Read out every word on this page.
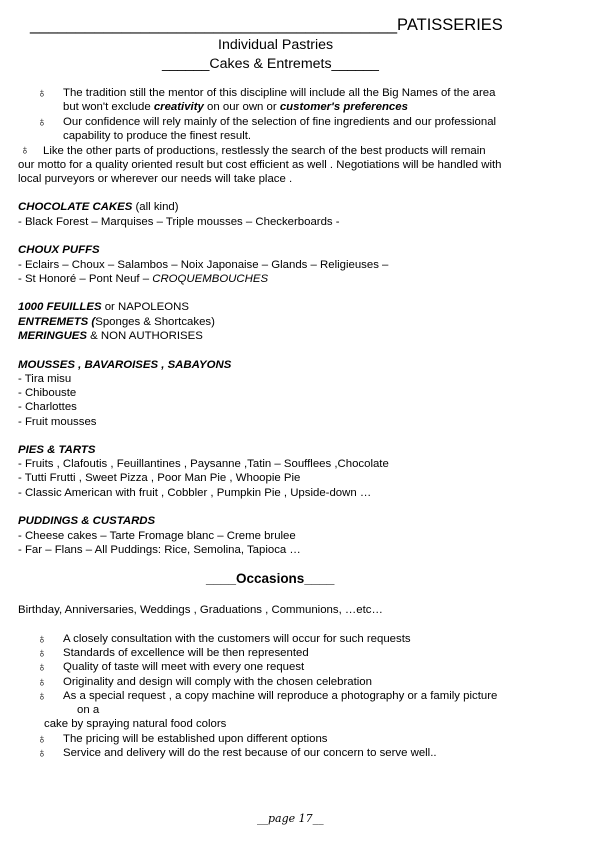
________________________________________PATISSERIES
Individual Pastries
______Cakes & Entremets______
♁ The tradition still the mentor of this discipline will include all the Big Names of the area
but won't exclude creativity on our own or customer's preferences
♁ Our confidence will rely mainly of the selection of fine ingredients and our professional
capability to produce the finest result.
♁ Like the other parts of productions, restlessly the search of the best products will remain
our motto for a quality oriented result but cost efficient as well . Negotiations will be handled with
local purveyors or wherever our needs will take place .
CHOCOLATE CAKES (all kind)
- Black Forest – Marquises – Triple mousses – Checkerboards -
CHOUX PUFFS
- Eclairs – Choux – Salambos – Noix Japonaise – Glands – Religieuses –
- St Honoré – Pont Neuf – CROQUEMBOUCHES
1000 FEUILLES or NAPOLEONS
ENTREMETS (Sponges & Shortcakes)
MERINGUES & NON AUTHORISES
MOUSSES , BAVAROISES , SABAYONS
- Tira misu
- Chibouste
- Charlottes
- Fruit mousses
PIES & TARTS
- Fruits , Clafoutis , Feuillantines , Paysanne ,Tatin – Soufflees ,Chocolate
- Tutti Frutti , Sweet Pizza , Poor Man Pie , Whoopie Pie
- Classic American with fruit , Cobbler , Pumpkin Pie , Upside-down …
PUDDINGS & CUSTARDS
- Cheese cakes – Tarte Fromage blanc – Creme brulee
- Far – Flans – All Puddings: Rice, Semolina, Tapioca …
____Occasions____
Birthday, Anniversaries, Weddings , Graduations , Communions, …etc…
♁ A closely consultation with the customers will occur for such requests
♁ Standards of excellence will be then represented
♁ Quality of taste will meet with every one request
♁ Originality and design will comply with the chosen celebration
♁ As a special request , a copy machine will reproduce a photography or a family picture
on a
cake by spraying natural food colors
♁ The pricing will be established upon different options
♁ Service and delivery will do the rest because of our concern to serve well..
__page 17__
